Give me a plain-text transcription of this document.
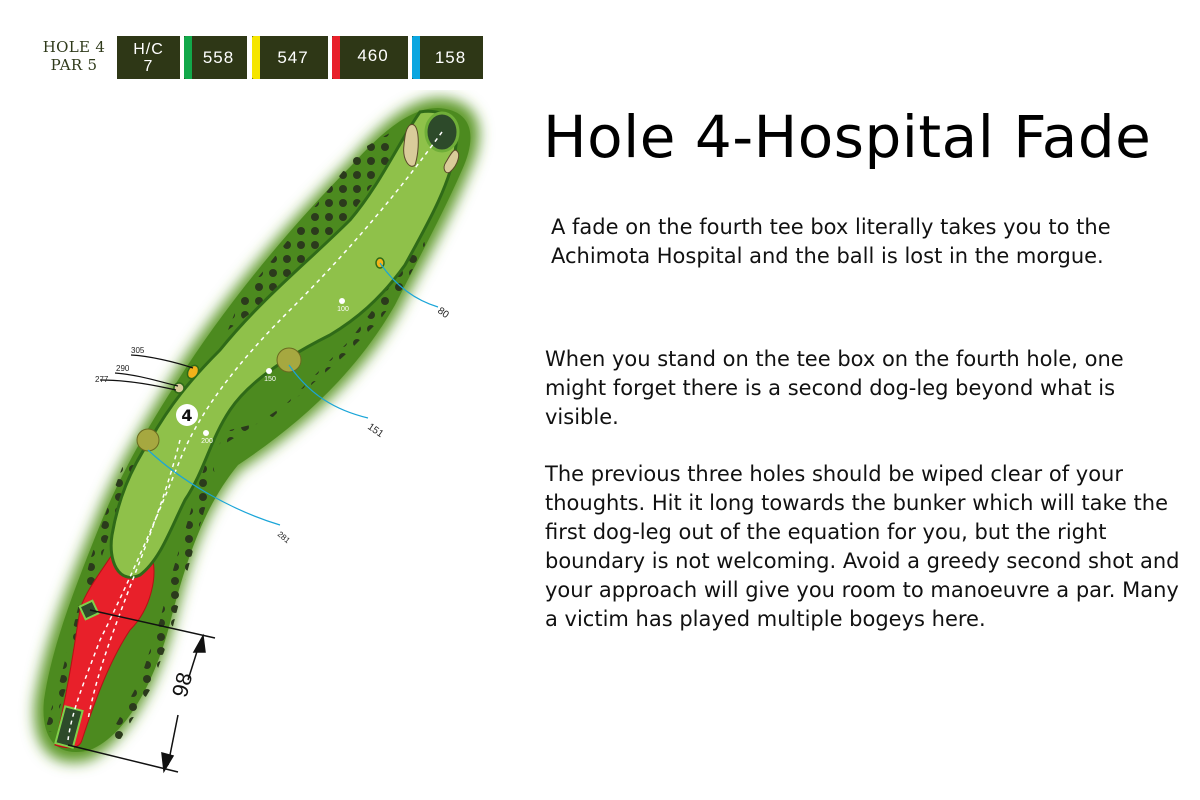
HOLE 4
PAR 5
H/C
7	558	547	460	158
100
150
200
4
305
290
277
80
151
281
98
Hole 4-Hospital Fade

A fade on the fourth tee box literally takes you to the Achimota Hospital and the ball is lost in the morgue.

When you stand on the tee box on the fourth hole, one might forget there is a second dog-leg beyond what is visible.

The previous three holes should be wiped clear of your thoughts. Hit it long towards the bunker which will take the first dog-leg out of the equation for you, but the right boundary is not welcoming. Avoid a greedy second shot and your approach will give you room to manoeuvre a par. Many a victim has played multiple bogeys here.
